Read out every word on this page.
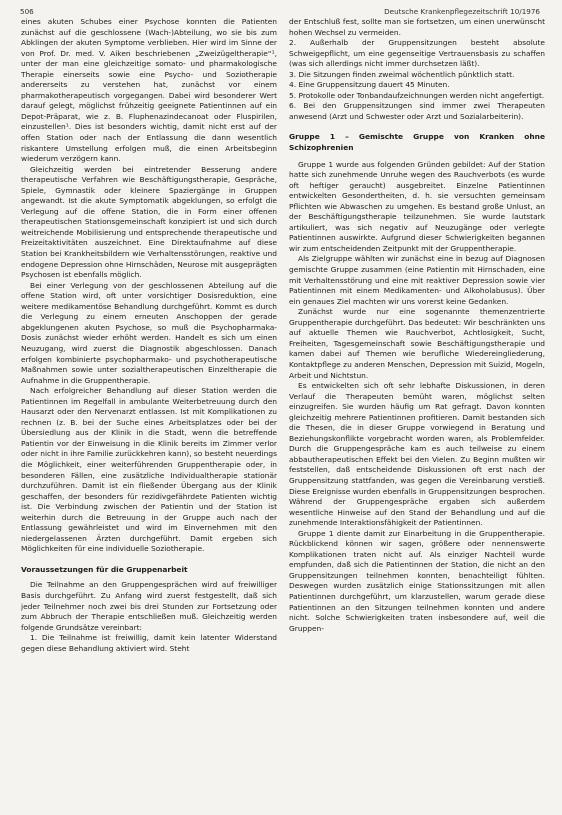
506	Deutsche Krankenpflegezeitschrift 10/1976

eines akuten Schubes einer Psychose konnten die Patienten zunächst auf die geschlossene (Wach-)Abteilung, wo sie bis zum Abklingen der akuten Symptome verblieben. Hier wird im Sinne der von Prof. Dr. med. V. Aiken beschriebenen „Zweizügeltherapie“¹, unter der man eine gleichzeitige somato- und pharmakologische Therapie einerseits sowie eine Psycho- und Soziotherapie andererseits zu verstehen hat, zunächst vor einem pharmakotherapeutisch vorgegangen. Dabei wird besonderer Wert darauf gelegt, möglichst frühzeitig geeignete Patientinnen auf ein Depot-Präparat, wie z. B. Fluphenazindecanoat oder Fluspirilen, einzustellen¹. Dies ist besonders wichtig, damit nicht erst auf der offen Station oder nach der Entlassung die dann wesentlich riskantere Umstellung erfolgen muß, die einen Arbeitsbeginn wiederum verzögern kann.

Gleichzeitig werden bei eintretender Besserung andere therapeutische Verfahren wie Beschäftigungstherapie, Gespräche, Spiele, Gymnastik oder kleinere Spaziergänge in Gruppen angewandt. Ist die akute Symptomatik abgeklungen, so erfolgt die Verlegung auf die offene Station, die in Form einer offenen therapeutischen Stationsgemeinschaft konzipiert ist und sich durch weitreichende Mobilisierung und entsprechende therapeutische und Freizeitaktivitäten auszeichnet. Eine Direktaufnahme auf diese Station bei Krankheitsbildern wie Verhaltensstörungen, reaktive und endogene Depression ohne Hirnschäden, Neurose mit ausgeprägten Psychosen ist ebenfalls möglich.

Bei einer Verlegung von der geschlossenen Abteilung auf die offene Station wird, oft unter vorsichtiger Dosisreduktion, eine weitere medikamentöse Behandlung durchgeführt. Kommt es durch die Verlegung zu einem erneuten Anschoppen der gerade abgeklungenen akuten Psychose, so muß die Psychopharmaka-Dosis zunächst wieder erhöht werden. Handelt es sich um einen Neuzugang, wird zuerst die Diagnostik abgeschlossen. Danach erfolgen kombinierte psychopharmako- und psychotherapeutische Maßnahmen sowie unter sozialtherapeutischen Einzeltherapie die Aufnahme in die Gruppentherapie.

Nach erfolgreicher Behandlung auf dieser Station werden die Patientinnen im Regelfall in ambulante Weiterbetreuung durch den Hausarzt oder den Nervenarzt entlassen. Ist mit Komplikationen zu rechnen (z. B. bei der Suche eines Arbeitsplatzes oder bei der Übersiedlung aus der Klinik in die Stadt, wenn die betreffende Patientin vor der Einweisung in die Klinik bereits im Zimmer verlor oder nicht in ihre Familie zurückkehren kann), so besteht neuerdings die Möglichkeit, einer weiterführenden Gruppentherapie oder, in besonderen Fällen, eine zusätzliche Individualtherapie stationär durchzuführen. Damit ist ein fließender Übergang aus der Klinik geschaffen, der besonders für rezidivgefährdete Patienten wichtig ist. Die Verbindung zwischen der Patientin und der Station ist weiterhin durch die Betreuung in der Gruppe auch nach der Entlassung gewährleistet und wird im Einvernehmen mit den niedergelassenen Ärzten durchgeführt. Damit ergeben sich Möglichkeiten für eine individuelle Soziotherapie.

Voraussetzungen für die Gruppenarbeit

Die Teilnahme an den Gruppengesprächen wird auf freiwilliger Basis durchgeführt. Zu Anfang wird zuerst festgestellt, daß sich jeder Teilnehmer noch zwei bis drei Stunden zur Fortsetzung oder zum Abbruch der Therapie entschließen muß. Gleichzeitig werden folgende Grundsätze vereinbart:

1. Die Teilnahme ist freiwillig, damit kein latenter Widerstand gegen diese Behandlung aktiviert wird. Steht

der Entschluß fest, sollte man sie fortsetzen, um einen unerwünscht hohen Wechsel zu vermeiden.

2. Außerhalb der Gruppensitzungen besteht absolute Schweigepflicht, um eine gegenseitige Vertrauensbasis zu schaffen (was sich allerdings nicht immer durchsetzen läßt).

3. Die Sitzungen finden zweimal wöchentlich pünktlich statt.

4. Eine Gruppensitzung dauert 45 Minuten.

5. Protokolle oder Tonbandaufzeichnungen werden nicht angefertigt.

6. Bei den Gruppensitzungen sind immer zwei Therapeuten anwesend (Arzt und Schwester oder Arzt und Sozialarbeiterin).

Gruppe 1 – Gemischte Gruppe von Kranken ohne Schizophrenien

Gruppe 1 wurde aus folgenden Gründen gebildet: Auf der Station hatte sich zunehmende Unruhe wegen des Rauchverbots (es wurde oft heftiger geraucht) ausgebreitet. Einzelne Patientinnen entwickelten Gesondertheiten, d. h. sie versuchten gemeinsam Pflichten wie Abwaschen zu umgehen. Es bestand große Unlust, an der Beschäftigungstherapie teilzunehmen. Sie wurde lautstark artikuliert, was sich negativ auf Neuzugänge oder verlegte Patientinnen auswirkte. Aufgrund dieser Schwierigkeiten begannen wir zum entscheidenden Zeitpunkt mit der Gruppentherapie.

Als Zielgruppe wählten wir zunächst eine in bezug auf Diagnosen gemischte Gruppe zusammen (eine Patientin mit Hirnschaden, eine mit Verhaltensstörung und eine mit reaktiver Depression sowie vier Patientinnen mit einem Medikamenten- und Alkoholabusus). Über ein genaues Ziel machten wir uns vorerst keine Gedanken.

Zunächst wurde nur eine sogenannte themenzentrierte Gruppentherapie durchgeführt. Das bedeutet: Wir beschränkten uns auf aktuelle Themen wie Rauchverbot, Achtlosigkeit, Sucht, Freiheiten, Tagesgemeinschaft sowie Beschäftigungstherapie und kamen dabei auf Themen wie berufliche Wiedereingliederung, Kontaktpflege zu anderen Menschen, Depression mit Suizid, Mogeln, Arbeit und Nichtstun.

Es entwickelten sich oft sehr lebhafte Diskussionen, in deren Verlauf die Therapeuten bemüht waren, möglichst selten einzugreifen. Sie wurden häufig um Rat gefragt. Davon konnten gleichzeitig mehrere Patientinnen profitieren. Damit bestanden sich die Thesen, die in dieser Gruppe vorwiegend in Beratung und Beziehungskonflikte vorgebracht worden waren, als Problemfelder. Durch die Gruppengespräche kam es auch teilweise zu einem abbautherapeutischen Effekt bei den Vielen. Zu Beginn mußten wir feststellen, daß entscheidende Diskussionen oft erst nach der Gruppensitzung stattfanden, was gegen die Vereinbarung verstieß. Diese Ereignisse wurden ebenfalls in Gruppensitzungen besprochen. Während der Gruppengespräche ergaben sich außerdem wesentliche Hinweise auf den Stand der Behandlung und auf die zunehmende Interaktionsfähigkeit der Patientinnen.

Gruppe 1 diente damit zur Einarbeitung in die Gruppentherapie. Rückblickend können wir sagen, größere oder nennenswerte Komplikationen traten nicht auf. Als einziger Nachteil wurde empfunden, daß sich die Patientinnen der Station, die nicht an den Gruppensitzungen teilnehmen konnten, benachteiligt fühlten. Deswegen wurden zusätzlich einige Stationssitzungen mit allen Patientinnen durchgeführt, um klarzustellen, warum gerade diese Patientinnen an den Sitzungen teilnehmen konnten und andere nicht. Solche Schwierigkeiten traten insbesondere auf, weil die Gruppen-
